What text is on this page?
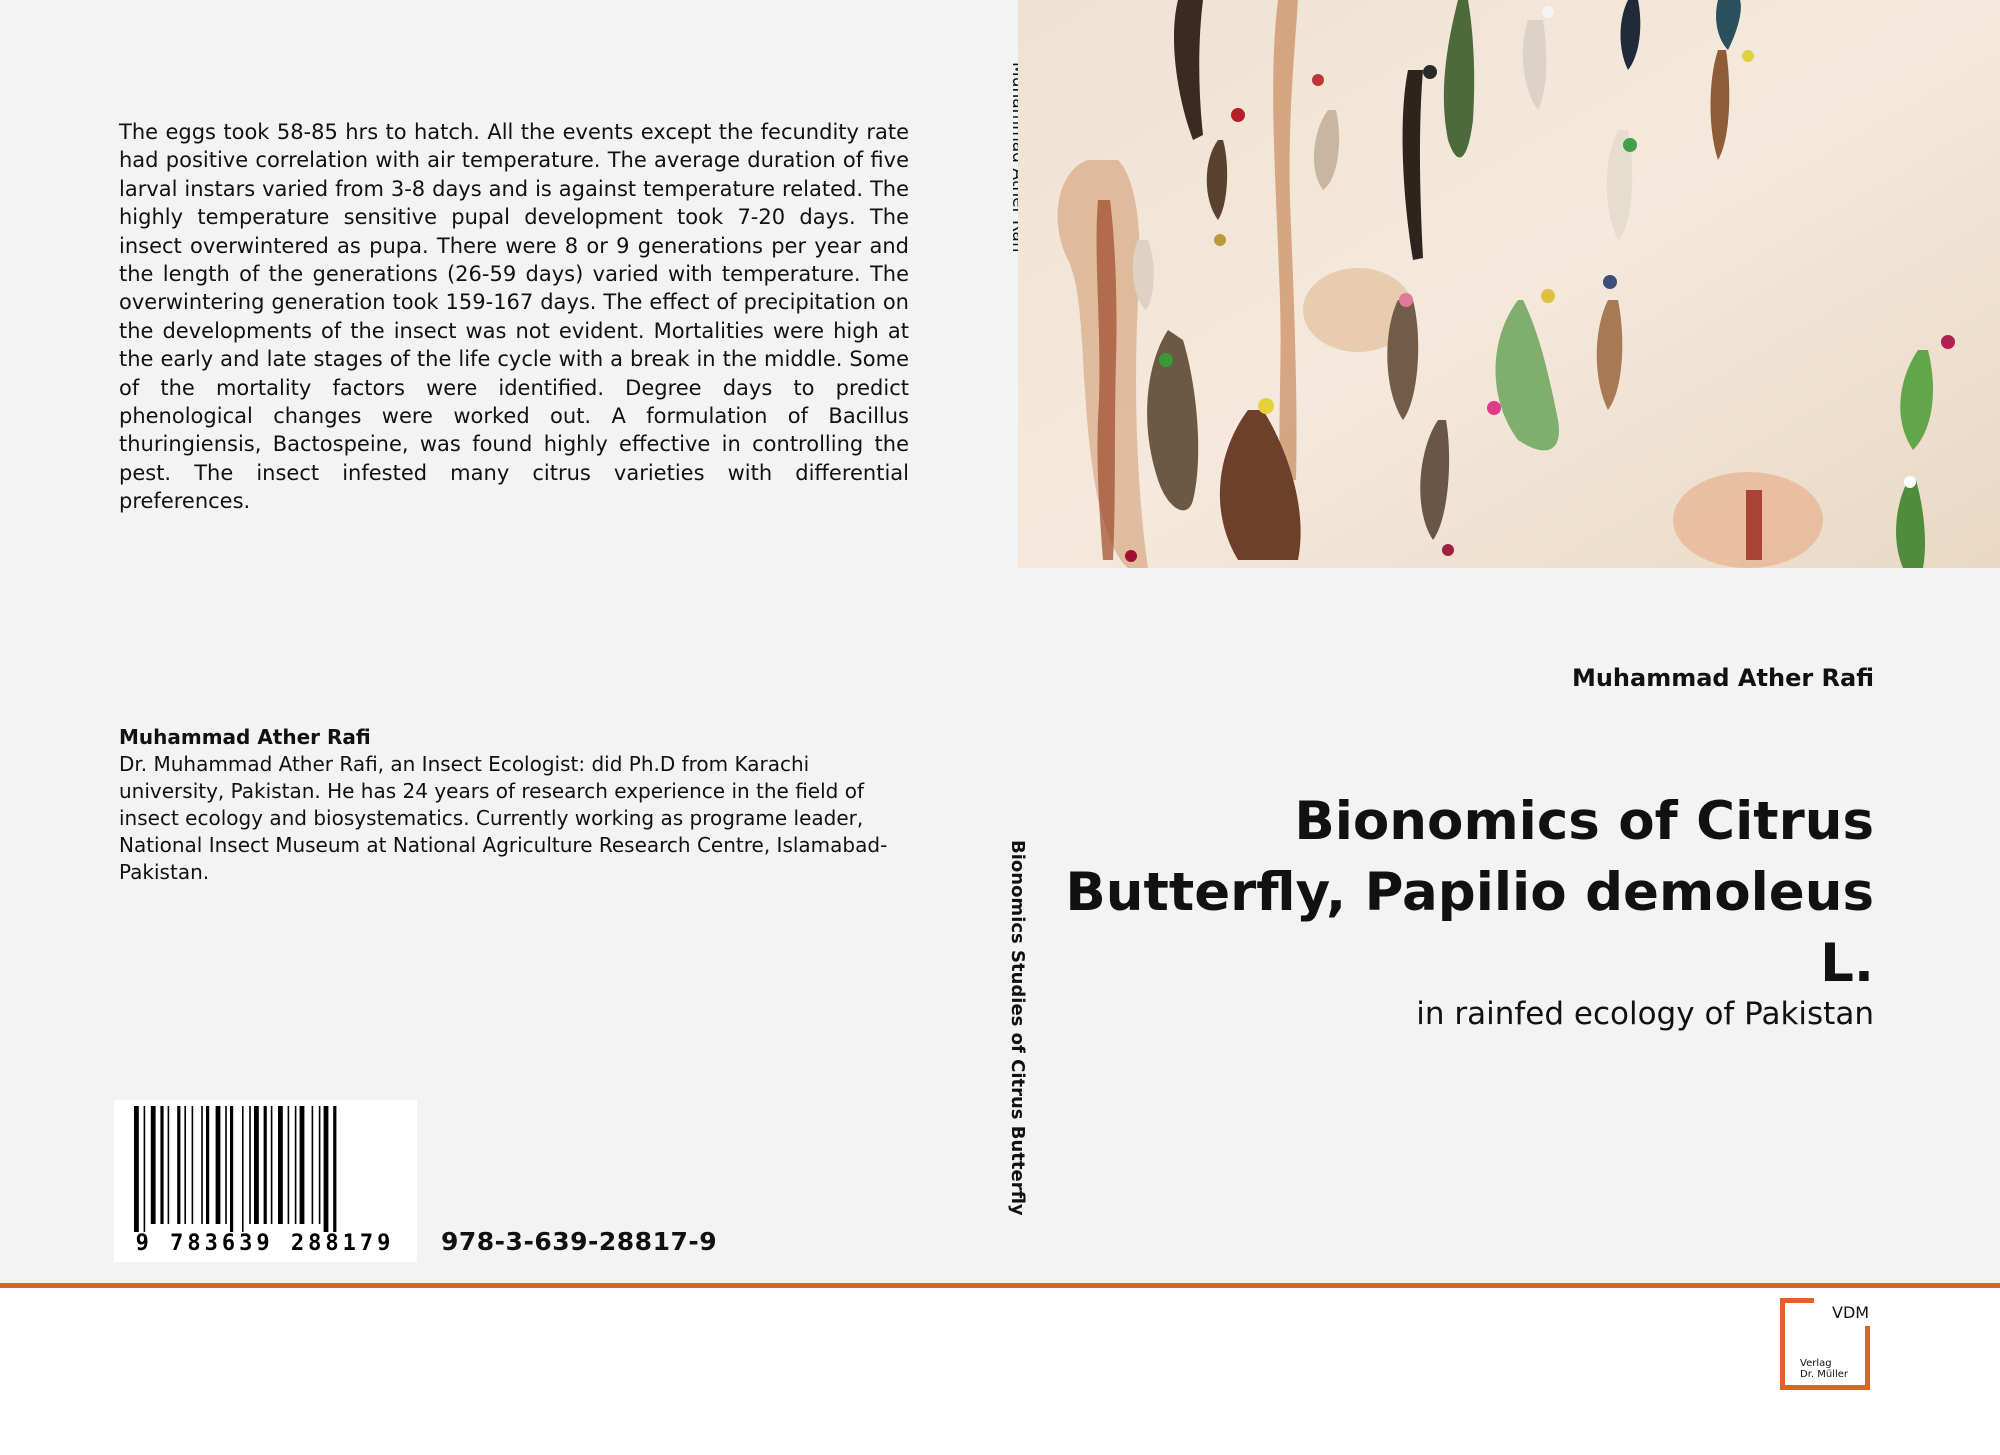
The eggs took 58-85 hrs to hatch. All the events except the fecundity rate had positive correlation with air temperature. The average duration of five larval instars varied from 3-8 days and is against temperature related. The highly temperature sensitive pupal development took 7-20 days. The insect overwintered as pupa. There were 8 or 9 generations per year and the length of the generations (26-59 days) varied with temperature. The overwintering generation took 159-167 days. The effect of precipitation on the developments of the insect was not evident. Mortalities were high at the early and late stages of the life cycle with a break in the middle. Some of the mortality factors were identified. Degree days to predict phenological changes were worked out. A formulation of Bacillus thuringiensis, Bactospeine, was found highly effective in controlling the pest. The insect infested many citrus varieties with differential preferences.

Muhammad Ather Rafi
Dr. Muhammad Ather Rafi, an Insect Ecologist: did Ph.D from Karachi university, Pakistan. He has 24 years of research experience in the field of insect ecology and biosystematics. Currently working as programe leader, National Insect Museum at National Agriculture Research Centre, Islamabad-Pakistan.
9 783639 288179 978-3-639-28817-9
Bionomics Studies of Citrus Butterfly
Muhammad Ather Rafi

Bionomics of Citrus Butterfly, Papilio demoleus L.

in rainfed ecology of Pakistan
VDM
Verlag
Dr. Müller
